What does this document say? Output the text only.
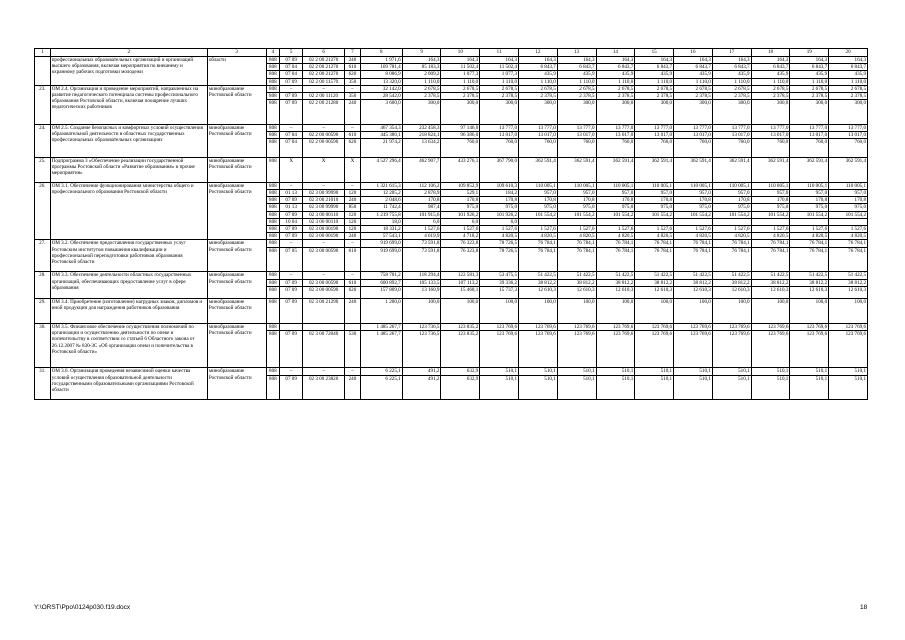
1	2	3	4	5	6	7	8	9	10	11	12	13	14	15	16	17	18	19	20
	профессиональных образовательных организаций и организаций высшего образования, включая мероприятия по внешнему и охранному рабочих подготовки молодежи	области	808	07 09	02 2 00 21270	240	1 971,6	164,3	164,3	164,3	164,3	164,3	164,3	164,3	164,3	164,3	164,3	164,3	164,3
			808	07 04	02 2 00 21270	610	169 781,4	85 183,3	11 502,4	11 502,4	6 843,7	6 843,7	6 843,7	6 843,7	6 843,7	6 843,7	6 843,7	6 843,7	6 843,7
			808	07 04	02 2 00 21270	620	8 086,9	2 009,2	1 077,3	1 077,3	435,9	435,9	435,9	435,9	435,9	435,9	435,9	435,9	435,9
			808	07 09	02 2 00 11570	350	13 320,0	1 110,0	1 110,0	1 110,0	1 110,0	1 110,0	1 110,0	1 110,0	1 110,0	1 110,0	1 110,0	1 110,0	1 110,0
23.	ОМ 2.4. Организация и проведение мероприятий, направленных на развитие педагогического потенциала системы профессионального образования Ростовской области, включая поощрение лучших педагогических работников	минобразование Ростовской области	808	–	–	–	32 142,0	2 678,5	2 678,5	2 678,5	2 678,5	2 678,5	2 678,5	2 678,5	2 678,5	2 678,5	2 678,5	2 678,5	2 678,5
			808	07 09	02 2 00 11120	350	28 542,0	2 378,5	2 378,5	2 378,5	2 378,5	2 378,5	2 378,5	2 378,5	2 378,5	2 378,5	2 378,5	2 378,5	2 378,5
			808	07 09	02 2 00 21280	240	3 600,0	300,0	300,0	300,0	300,0	300,0	300,0	300,0	300,0	300,0	300,0	300,0	300,0
24.	ОМ 2.5. Создание безопасных и комфортных условий осуществления образовательной деятельности в областных государственных профессиональных образовательных организациях	минобразование Ростовской области	808	–	–	–	467 354,3	232 458,3	97 146,0	13 777,0	13 777,0	13 777,0	13 777,0	13 777,0	13 777,0	13 777,0	13 777,0	13 777,0	13 777,0
			808	07 04	02 2 00 00590	610	445 380,1	218 824,1	96 386,0	13 017,0	13 017,0	13 017,0	13 017,0	13 017,0	13 017,0	13 017,0	13 017,0	13 017,0	13 017,0
			808	07 04	02 2 00 00590	620	21 974,2	13 634,2	760,0	760,0	760,0	760,0	760,0	760,0	760,0	760,0	760,0	760,0	760,0
25.	Подпрограмма 3 «Обеспечение реализации государственной программы Ростовской области «Развитие образования» и прочие мероприятия»	минобразование Ростовской области	808	Х	Х	Х	4 527 296,4	462 907,7	433 276,1	367 790,0	362 591,4	362 591,4	362 591,4	362 591,4	362 591,4	362 591,4	362 591,4	362 591,4	362 591,4
26.	ОМ 3.1. Обеспечение функционирования министерства общего и профессионального образования Ростовской области	минобразование Ростовской области	808	–	–	–	1 321 615,3	112 106,2	109 852,9	109 610,3	110 005,1	110 005,1	110 005,1	110 005,1	110 005,1	110 005,1	110 005,1	110 005,1	110 005,1
			808	01 13	02 3 00 99990	120	12 205,2	2 878,9	529,1	184,2	957,0	957,0	957,0	957,0	957,0	957,0	957,0	957,0	957,0
			808	07 09	02 3 00 21010	240	2 048,6	170,8	170,8	170,8	170,8	170,8	170,8	170,8	170,8	170,8	170,8	170,8	170,8
			808	01 13	02 3 00 99990	850	11 742,4	987,4	975,0	975,0	975,0	975,0	975,0	975,0	975,0	975,0	975,0	975,0	975,0
			808	07 09	02 3 00 00110	120	1 219 755,8	101 915,6	101 926,2	101 926,2	101 554,2	101 554,2	101 554,2	101 554,2	101 554,2	101 554,2	101 554,2	101 554,2	101 554,2
			808	10 04	02 3 00 00110	120	18,0	6,0	6,0	6,0									
			808	07 09	02 3 00 00190	120	18 331,2	1 527,6	1 527,6	1 527,6	1 527,6	1 527,6	1 527,6	1 527,6	1 527,6	1 527,6	1 527,6	1 527,6	1 527,6
			808	07 09	02 3 00 00190	240	57 543,1	4 619,9	4 718,2	4 820,5	4 820,5	4 820,5	4 820,5	4 820,5	4 820,5	4 820,5	4 820,5	4 820,5	4 820,5
27.	ОМ 3.2. Обеспечение предоставления государственных услуг Ростовским институтом повышения квалификации и профессиональной переподготовки работников образования Ростовской области	минобразование Ростовской области	808	–	–	–	919 699,0	73 591,8	76 323,8	78 726,5	76 784,1	76 784,1	76 784,1	76 784,1	76 784,1	76 784,1	76 784,1	76 784,1	76 784,1
			808	07 05	02 3 00 00590	610	919 699,0	73 591,8	76 323,8	78 726,5	76 784,1	76 784,1	76 784,1	76 784,1	76 784,1	76 784,1	76 784,1	76 784,1	76 784,1
28.	ОМ 3.3. Обеспечение деятельности областных государственных организаций, обеспечивающих предоставление услуг в сфере образования	минобразование Ростовской области	808	–	–	–	758 701,2	118 294,4	122 581,3	53 475,5	51 422,5	51 422,5	51 422,5	51 422,5	51 422,5	51 422,5	51 422,5	51 422,5	51 422,5
			808	07 09	02 3 00 00590	610	600 892,7	105 133,5	107 113,2	39 336,2	38 812,2	38 812,2	38 812,2	38 812,2	38 812,2	38 812,2	38 812,2	38 812,2	38 812,2
			808	07 09	02 3 00 00590	620	157 809,0	13 160,9	15 468,1	15 737,3	12 610,3	12 610,3	12 610,3	12 610,3	12 610,3	12 610,3	12 610,3	12 610,3	12 610,3
29.	ОМ 3.4. Приобретение (изготовление) нагрудных знаков, дипломов и иной продукции для награждения работников образования	минобразование Ростовской области	808	07 09	02 3 00 21290	240	1 200,0	100,0	100,0	100,0	100,0	100,0	100,0	100,0	100,0	100,0	100,0	100,0	100,0
30.	ОМ 3.5. Финансовое обеспечение осуществления полномочий по организации и осуществлению деятельности по опеке и попечительству в соответствии со статьей 6 Областного закона от 26.12.2007 № 830-ЗС «Об организации опеки и попечительства в Ростовской области»	минобразование Ростовской области	808				1 485 267,7	123 736,5	123 835,2	123 769,6	123 769,6	123 769,6	123 769,6	123 769,6	123 769,6	123 769,6	123 769,6	123 769,6	123 769,6
			808	07 09	02 3 00 72040	530	1 485 267,7	123 736,5	123 835,2	123 769,6	123 769,6	123 769,6	123 769,6	123 769,6	123 769,6	123 769,6	123 769,6	123 769,6	123 769,6
31.	ОМ 3.6. Организация проведения независимой оценки качества условий осуществления образовательной деятельности государственными образовательными организациями Ростовской области	минобразование Ростовской области	808	–	–	–	6 225,1	491,2	632,9	510,1	510,1	510,1	510,1	510,1	510,1	510,1	510,1	510,1	510,1
			808	07 09	02 3 00 23820	240	6 225,1	491,2	632,9	510,1	510,1	510,1	510,1	510,1	510,1	510,1	510,1	510,1	510,1
Y:\ORST\Ppo\0124p030.f19.docx	18
